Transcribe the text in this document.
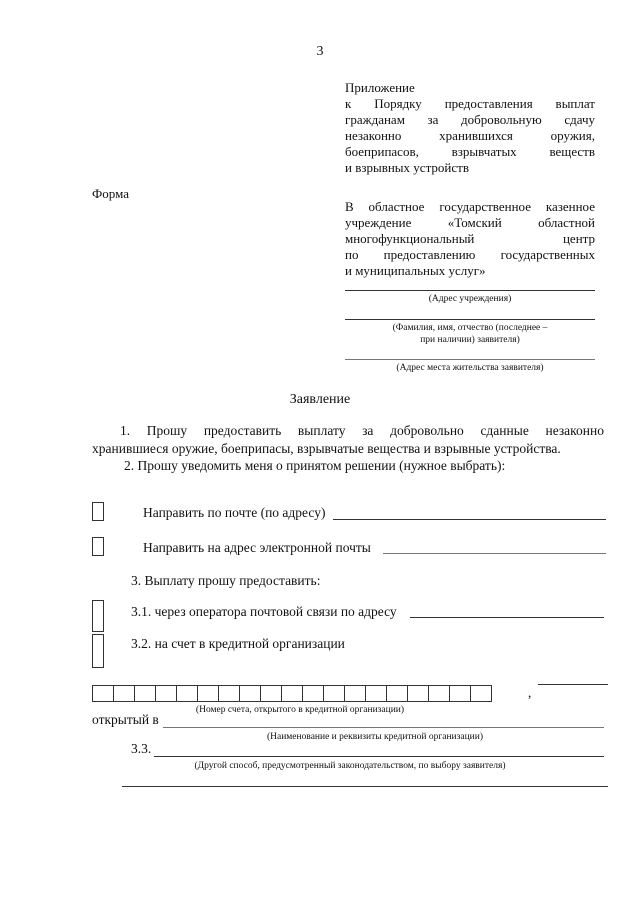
3
Приложение
к Порядку предоставления выплат
гражданам за добровольную сдачу
незаконно хранившихся оружия,
боеприпасов, взрывчатых веществ
и взрывных устройств
Форма
В областное государственное казенное
учреждение «Томский областной
многофункциональный центр
по предоставлению государственных
и муниципальных услуг»
(Адрес учреждения)
(Фамилия, имя, отчество (последнее –
при наличии) заявителя)
(Адрес места жительства заявителя)
Заявление
1. Прошу предоставить выплату за добровольно сданные незаконно
хранившиеся оружие, боеприпасы, взрывчатые вещества и взрывные устройства.
2. Прошу уведомить меня о принятом решении (нужное выбрать):
Направить по почте (по адресу)
Направить на адрес электронной почты
3. Выплату прошу предоставить:
3.1. через оператора почтовой связи по адресу
3.2. на счет в кредитной организации
,
(Номер счета, открытого в кредитной организации)
открытый в
(Наименование и реквизиты кредитной организации)
3.3.
(Другой способ, предусмотренный законодательством, по выбору заявителя)
